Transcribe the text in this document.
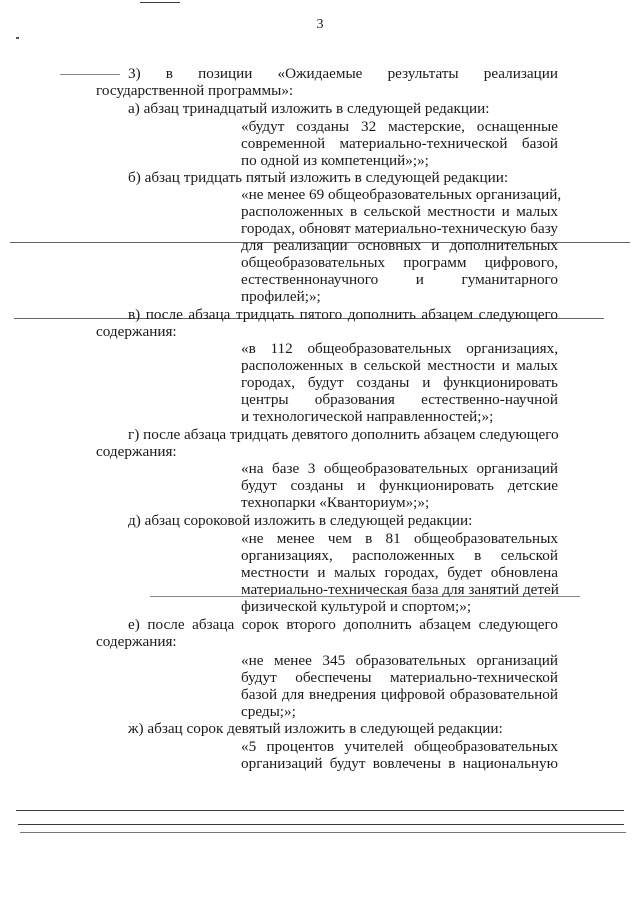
3
3) в позиции «Ожидаемые результаты реализации
государственной программы»:
а) абзац тринадцатый изложить в следующей редакции:
«будут созданы 32 мастерские, оснащенные
современной материально-технической базой
по одной из компетенций»;»;
б) абзац тридцать пятый изложить в следующей редакции:
«не менее 69 общеобразовательных организаций,
расположенных в сельской местности и малых
городах, обновят материально-техническую базу
для реализации основных и дополнительных
общеобразовательных программ цифрового,
естественнонаучного и гуманитарного
профилей;»;
в) после абзаца тридцать пятого дополнить абзацем следующего
содержания:
«в 112 общеобразовательных организациях,
расположенных в сельской местности и малых
городах, будут созданы и функционировать
центры образования естественно-научной
и технологической направленностей;»;
г) после абзаца тридцать девятого дополнить абзацем следующего
содержания:
«на базе 3 общеобразовательных организаций
будут созданы и функционировать детские
технопарки «Кванториум»;»;
д) абзац сороковой изложить в следующей редакции:
«не менее чем в 81 общеобразовательных
организациях, расположенных в сельской
местности и малых городах, будет обновлена
материально-техническая база для занятий детей
физической культурой и спортом;»;
е) после абзаца сорок второго дополнить абзацем следующего
содержания:
«не менее 345 образовательных организаций
будут обеспечены материально-технической
базой для внедрения цифровой образовательной
среды;»;
ж) абзац сорок девятый изложить в следующей редакции:
«5 процентов учителей общеобразовательных
организаций будут вовлечены в национальную
